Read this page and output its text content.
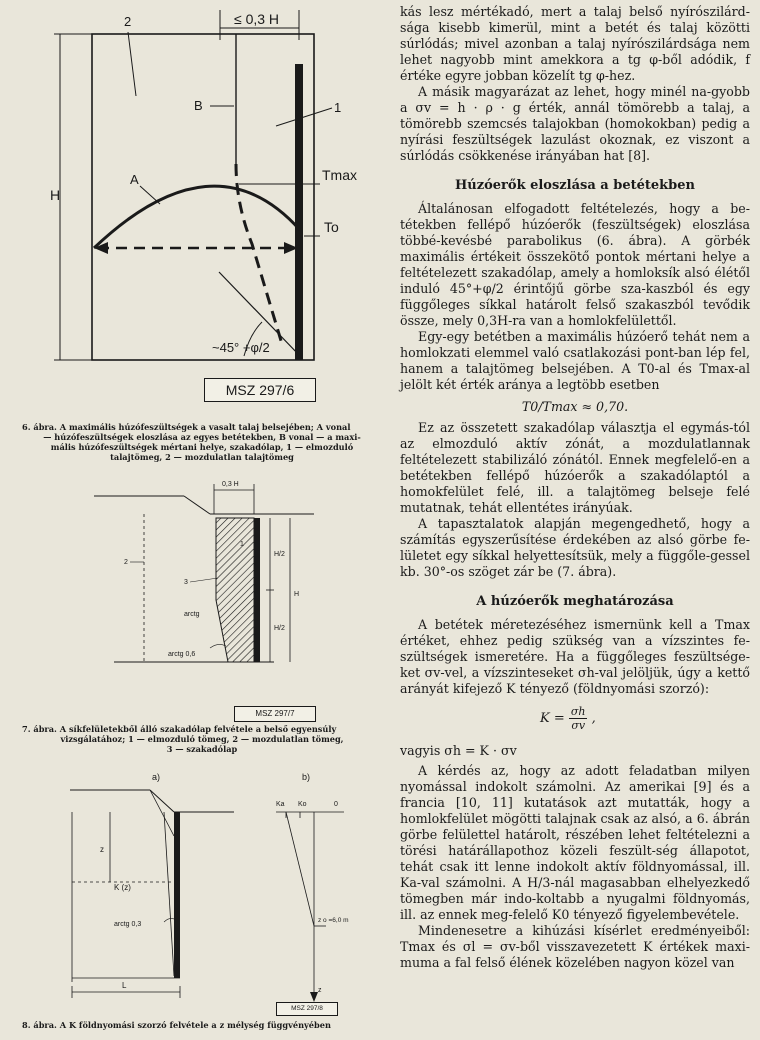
≤ 0,3 H
2
B	1
H
A	Tmax
To
~45° +φ/2
MSZ 297/6
6. ábra. A maximális húzófeszültségek a vasalt talaj belsejében; A vonal
— húzófeszültségek eloszlása az egyes betétekben, B vonal — a maxi-
mális húzófeszültségek mértani helye, szakadólap, 1 — elmozduló
talajtömeg, 2 — mozdulatlan talajtömeg
0,3 H
H/2
H
H/2
2
3
1
arctg
arctg 0,6
MSZ 297/7
7. ábra. A síkfelületekből álló szakadólap felvétele a belső egyensúly
vizsgálatához; 1 — elmozduló tömeg, 2 — mozdulatlan tömeg,
3 — szakadólap
a)	b)
z
K (z)
arctg 0,3
L
Ka Ko	0
z o =6,0 m
z
MSZ 297/8
8. ábra. A K földnyomási szorzó felvétele a z mélység függvényében

kás lesz mértékadó, mert a talaj belső nyírószilárd-sága kisebb kimerül, mint a betét és talaj közötti súrlódás; mivel azonban a talaj nyírószilárdsága nem lehet nagyobb mint amekkora a tg φ-ből adódik, f értéke egyre jobban közelít tg φ-hez.

A másik magyarázat az lehet, hogy minél na-gyobb a σv = h · ρ · g érték, annál tömörebb a talaj, a tömörebb szemcsés talajokban (homokokban) pedig a nyírási feszültségek lazulást okoznak, ez viszont a súrlódás csökkenése irányában hat [8].

Húzóerők eloszlása a betétekben

Általánosan elfogadott feltételezés, hogy a be-tétekben fellépő húzóerők (feszültségek) eloszlása többé-kevésbé parabolikus (6. ábra). A görbék maximális értékeit összekötő pontok mértani helye a feltételezett szakadólap, amely a homloksík alsó élétől induló 45°+φ/2 érintőjű görbe sza-kaszból és egy függőleges síkkal határolt felső szakaszból tevődik össze, mely 0,3H-ra van a homlokfelülettől.

Egy-egy betétben a maximális húzóerő tehát nem a homlokzati elemmel való csatlakozási pont-ban lép fel, hanem a talajtömeg belsejében. A T0-al és Tmax-al jelölt két érték aránya a legtöbb esetben

T0/Tmax ≈ 0,70.

Ez az összetett szakadólap választja el egymás-tól az elmozduló aktív zónát, a mozdulatlannak feltételezett stabilizáló zónától. Ennek megfelelő-en a betétekben fellépő húzóerők a szakadólaptól a homokfelület felé, ill. a talajtömeg belseje felé mutatnak, tehát ellentétes irányúak.

A tapasztalatok alapján megengedhető, hogy a számítás egyszerűsítése érdekében az alsó görbe fe-lületet egy síkkal helyettesítsük, mely a függőle-gessel kb. 30°-os szöget zár be (7. ábra).

A húzóerők meghatározása

A betétek méretezéséhez ismernünk kell a Tmax értéket, ehhez pedig szükség van a vízszintes fe-szültségek ismeretére. Ha a függőleges feszültsége-ket σv-vel, a vízszinteseket σh-val jelöljük, úgy a kettő arányát kifejező K tényező (földnyomási szorzó):

$K = \frac{\sigma h}{\sigma v}$ ,

vagyis σh = K · σv

A kérdés az, hogy az adott feladatban milyen nyomással indokolt számolni. Az amerikai [9] és a francia [10, 11] kutatások azt mutatták, hogy a homlokfelület mögötti talajnak csak az alsó, a 6. ábrán görbe felülettel határolt, részében lehet feltételezni a törési határállapothoz közeli feszült-ség állapotot, tehát csak itt lenne indokolt aktív földnyomással, ill. Ka-val számolni. A H/3-nál magasabban elhelyezkedő tömegben már indo-koltabb a nyugalmi földnyomás, ill. az ennek meg-felelő K0 tényező figyelembevétele.

Mindenesetre a kihúzási kísérlet eredményeiből: Tmax és σl = σv-ből visszavezetett K értékek maxi-muma a fal felső élének közelében nagyon közel van
